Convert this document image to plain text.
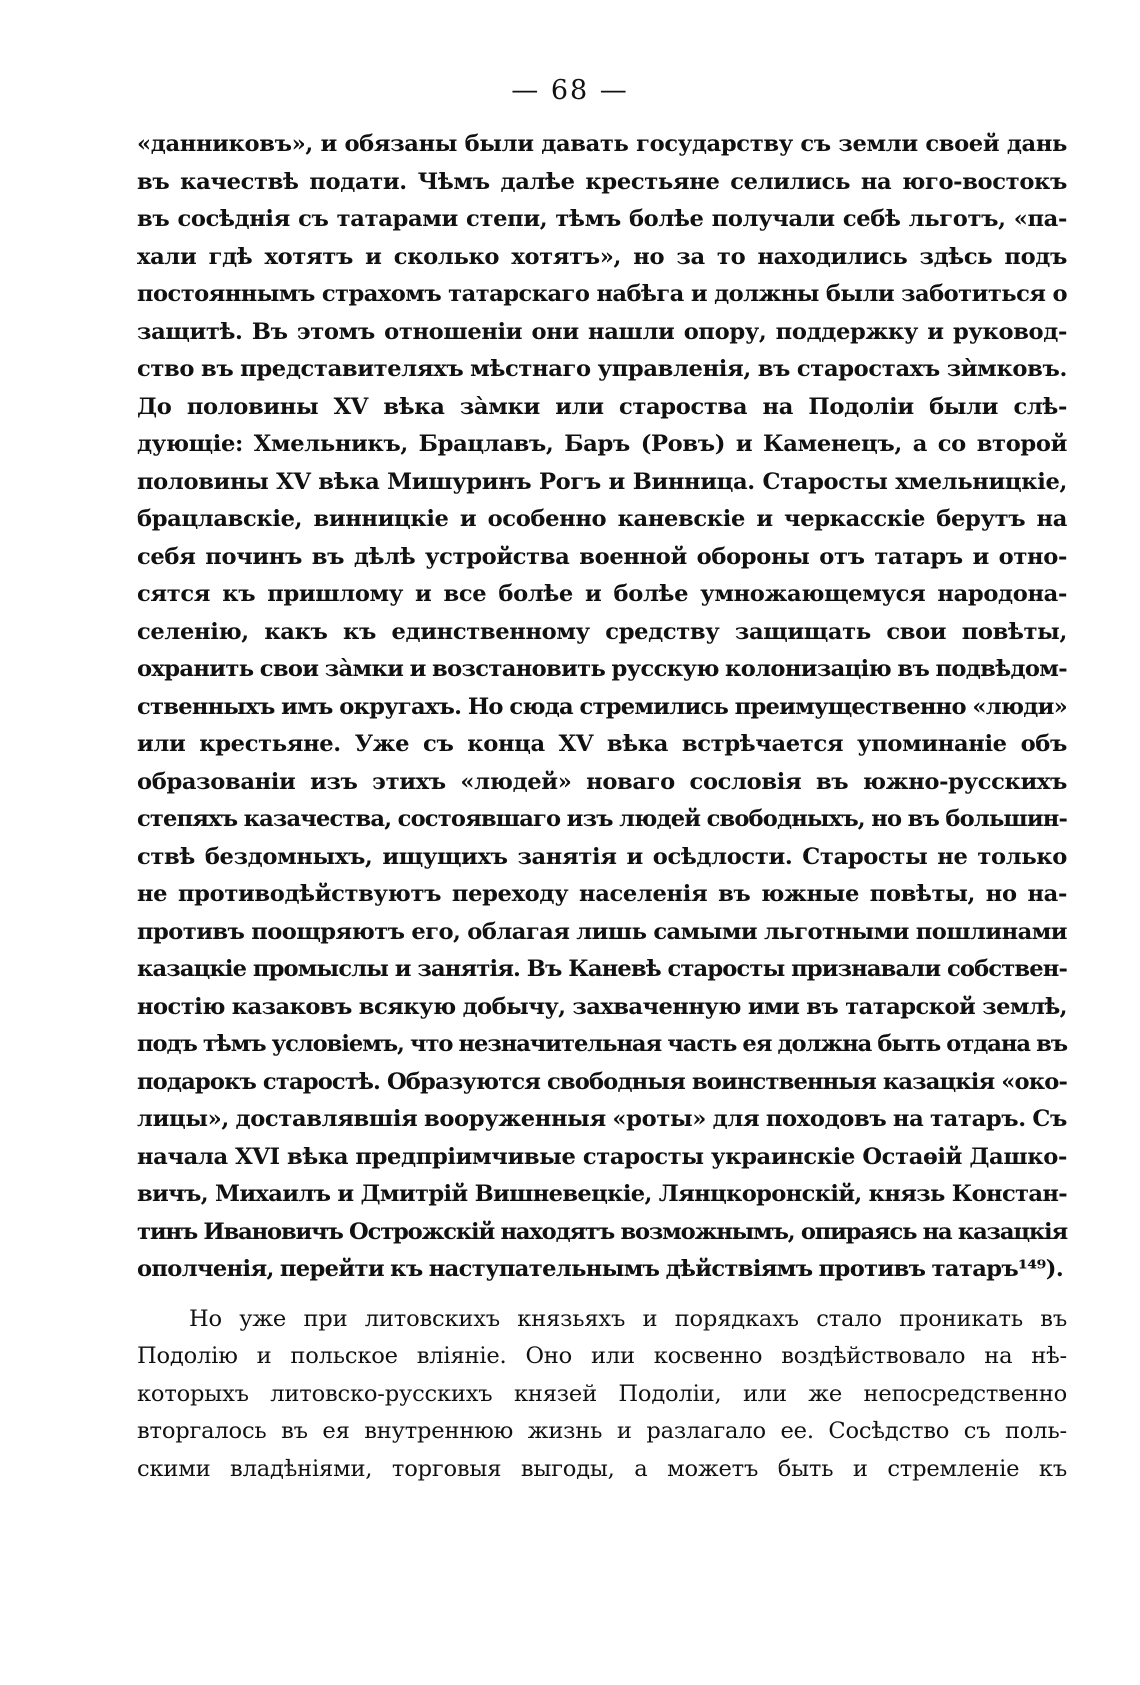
— 68 —
«данниковъ», и обязаны были давать государству съ земли своей дань
въ качествѣ подати. Чѣмъ далѣе крестьяне селились на юго-востокъ
въ сосѣднія съ татарами степи, тѣмъ болѣе получали себѣ льготъ, «па-
хали гдѣ хотятъ и сколько хотятъ», но за то находились здѣсь подъ
постояннымъ страхомъ татарскаго набѣга и должны были заботиться о
защитѣ. Въ этомъ отношеніи они нашли опору, поддержку и руковод-
ство въ представителяхъ мѣстнаго управленія, въ старостахъ зѝмковъ.
До половины XV вѣка зàмки или староства на Подоліи были слѣ-
дующіе: Хмельникъ, Брацлавъ, Баръ (Ровъ) и Каменецъ, а со второй
половины XV вѣка Мишуринъ Рогъ и Винница. Старосты хмельницкіе,
брацлавскіе, винницкіе и особенно каневскіе и черкасскіе берутъ на
себя починъ въ дѣлѣ устройства военной обороны отъ татаръ и отно-
сятся къ пришлому и все болѣе и болѣе умножающемуся народона-
селенію, какъ къ единственному средству защищать свои повѣты,
охранить свои зàмки и возстановить русскую колонизацію въ подвѣдом-
ственныхъ имъ округахъ. Но сюда стремились преимущественно «люди»
или крестьяне. Уже съ конца XV вѣка встрѣчается упоминаніе объ
образованіи изъ этихъ «людей» новаго сословія въ южно-русскихъ
степяхъ казачества, состоявшаго изъ людей свободныхъ, но въ большин-
ствѣ бездомныхъ, ищущихъ занятія и осѣдлости. Старосты не только
не противодѣйствуютъ переходу населенія въ южные повѣты, но на-
противъ поощряютъ его, облагая лишь самыми льготными пошлинами
казацкіе промыслы и занятія. Въ Каневѣ старосты признавали собствен-
ностію казаковъ всякую добычу, захваченную ими въ татарской землѣ,
подъ тѣмъ условіемъ, что незначительная часть ея должна быть отдана въ
подарокъ старостѣ. Образуются свободныя воинственныя казацкія «око-
лицы», доставлявшія вооруженныя «роты» для походовъ на татаръ. Съ
начала XVI вѣка предпріимчивые старосты украинскіе Остаѳій Дашко-
вичъ, Михаилъ и Дмитрій Вишневецкіе, Лянцкоронскій, князь Констан-
тинъ Ивановичъ Острожскій находятъ возможнымъ, опираясь на казацкія
ополченія, перейти къ наступательнымъ дѣйствіямъ противъ татаръ¹⁴⁹).
Но уже при литовскихъ князьяхъ и порядкахъ стало проникать въ
Подолію и польское вліяніе. Оно или косвенно воздѣйствовало на нѣ-
которыхъ литовско-русскихъ князей Подоліи, или же непосредственно
вторгалось въ ея внутреннюю жизнь и разлагало ее. Сосѣдство съ поль-
скими владѣніями, торговыя выгоды, а можетъ быть и стремленіе къ
